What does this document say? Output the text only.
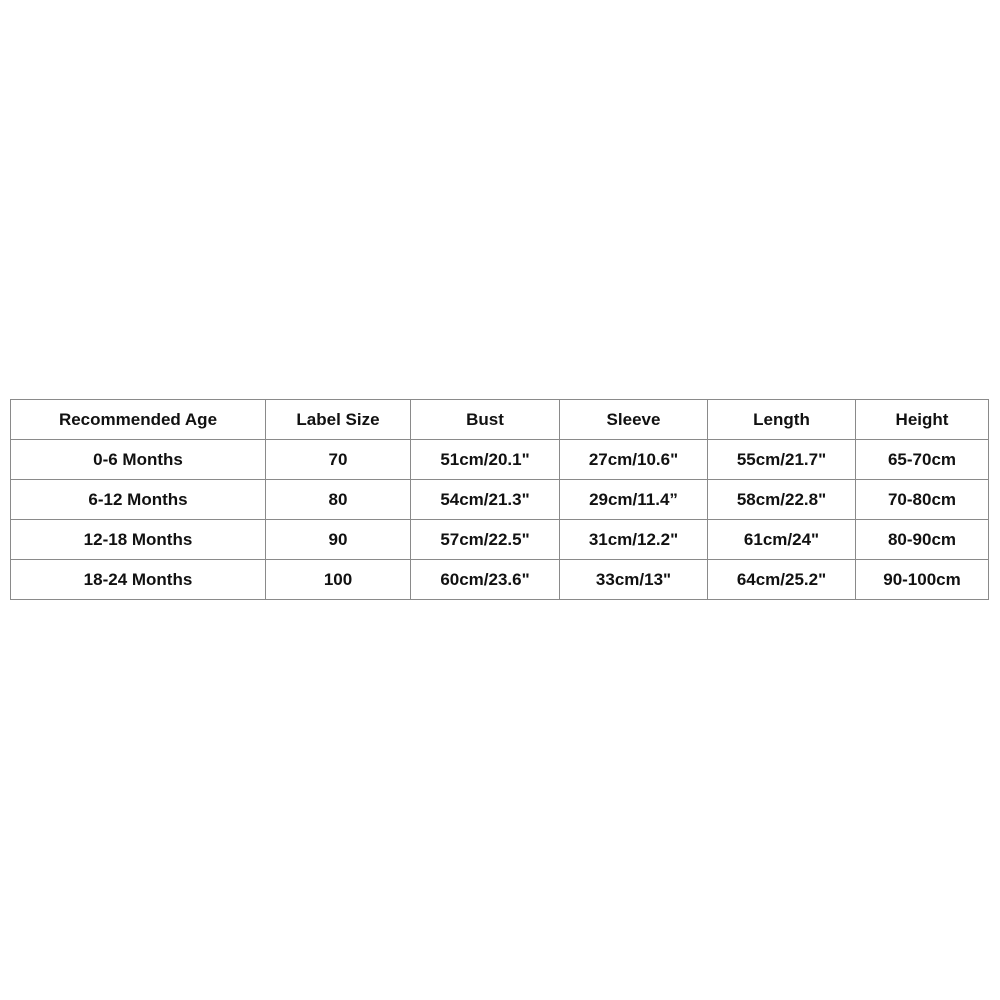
Recommended Age	Label Size	Bust	Sleeve	Length	Height
0-6 Months	70	51cm/20.1"	27cm/10.6"	55cm/21.7"	65-70cm
6-12 Months	80	54cm/21.3"	29cm/11.4”	58cm/22.8"	70-80cm
12-18 Months	90	57cm/22.5"	31cm/12.2"	61cm/24"	80-90cm
18-24 Months	100	60cm/23.6"	33cm/13"	64cm/25.2"	90-100cm
